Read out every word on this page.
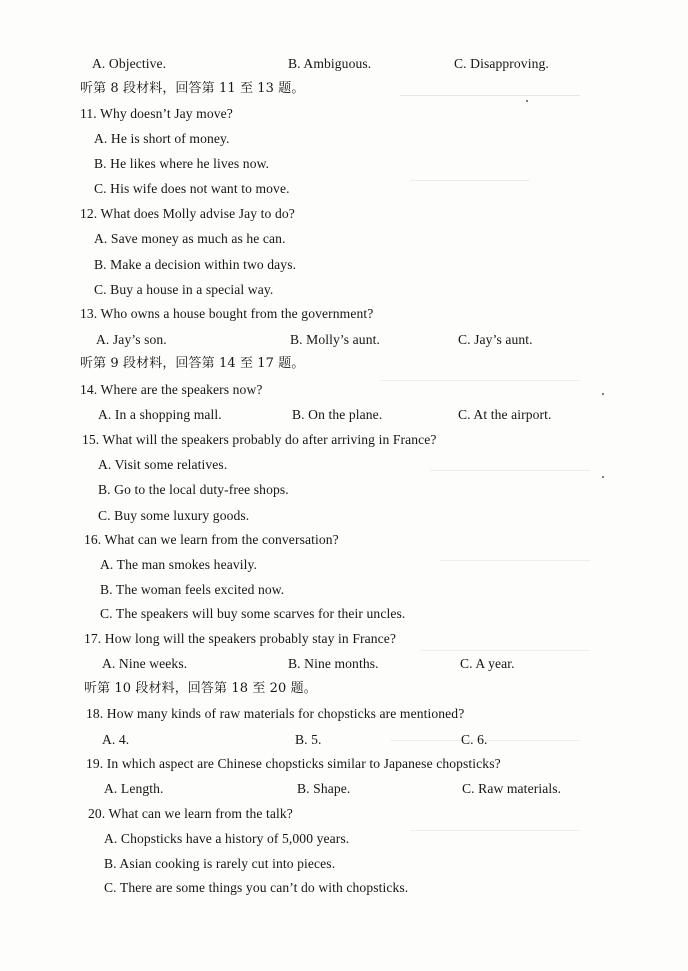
A. Objective.	B. Ambiguous.	C. Disapproving.
听第 8 段材料，回答第 11 至 13 题。
11. Why doesn’t Jay move?
A. He is short of money.
B. He likes where he lives now.
C. His wife does not want to move.
12. What does Molly advise Jay to do?
A. Save money as much as he can.
B. Make a decision within two days.
C. Buy a house in a special way.
13. Who owns a house bought from the government?
A. Jay’s son.	B. Molly’s aunt.	C. Jay’s aunt.
听第 9 段材料，回答第 14 至 17 题。
14. Where are the speakers now?
A. In a shopping mall.	B. On the plane.	C. At the airport.
15. What will the speakers probably do after arriving in France?
A. Visit some relatives.
B. Go to the local duty-free shops.
C. Buy some luxury goods.
16. What can we learn from the conversation?
A. The man smokes heavily.
B. The woman feels excited now.
C. The speakers will buy some scarves for their uncles.
17. How long will the speakers probably stay in France?
A. Nine weeks.	B. Nine months.	C. A year.
听第 10 段材料，回答第 18 至 20 题。
18. How many kinds of raw materials for chopsticks are mentioned?
A. 4.	B. 5.	C. 6.
19. In which aspect are Chinese chopsticks similar to Japanese chopsticks?
A. Length.	B. Shape.	C. Raw materials.
20. What can we learn from the talk?
A. Chopsticks have a history of 5,000 years.
B. Asian cooking is rarely cut into pieces.
C. There are some things you can’t do with chopsticks.
